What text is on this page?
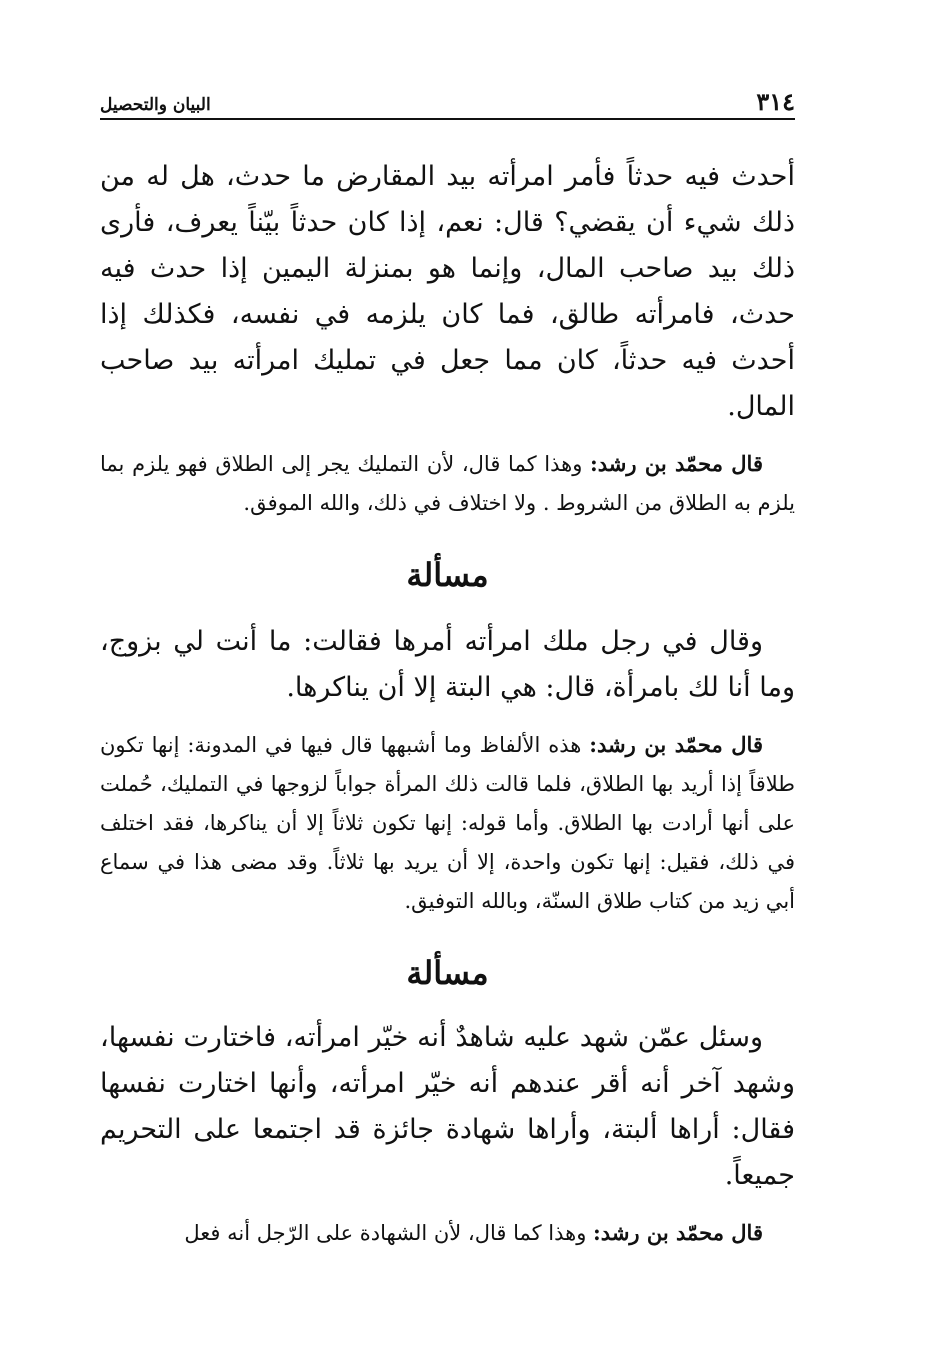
٣١٤
البيان والتحصيل

أحدث فيه حدثاً فأمر امرأته بيد المقارض ما حدث، هل له من ذلك شيء أن يقضي؟ قال: نعم، إذا كان حدثاً بيّناً يعرف، فأرى ذلك بيد صاحب المال، وإنما هو بمنزلة اليمين إذا حدث فيه حدث، فامرأته طالق، فما كان يلزمه في نفسه، فكذلك إذا أحدث فيه حدثاً، كان مما جعل في تمليك امرأته بيد صاحب المال.

قال محمّد بن رشد: وهذا كما قال، لأن التمليك يجر إلى الطلاق فهو يلزم بما يلزم به الطلاق من الشروط . ولا اختلاف في ذلك، والله الموفق.

مسألة

وقال في رجل ملك امرأته أمرها فقالت: ما أنت لي بزوج، وما أنا لك بامرأة، قال: هي البتة إلا أن يناكرها.

قال محمّد بن رشد: هذه الألفاظ وما أشبهها قال فيها في المدونة: إنها تكون طلاقاً إذا أريد بها الطلاق، فلما قالت ذلك المرأة جواباً لزوجها في التمليك، حُملت على أنها أرادت بها الطلاق. وأما قوله: إنها تكون ثلاثاً إلا أن يناكرها، فقد اختلف في ذلك، فقيل: إنها تكون واحدة، إلا أن يريد بها ثلاثاً. وقد مضى هذا في سماع أبي زيد من كتاب طلاق السنّة، وبالله التوفيق.

مسألة

وسئل عمّن شهد عليه شاهدٌ أنه خيّر امرأته، فاختارت نفسها، وشهد آخر أنه أقر عندهم أنه خيّر امرأته، وأنها اختارت نفسها فقال: أراها ألبتة، وأراها شهادة جائزة قد اجتمعا على التحريم جميعاً.

قال محمّد بن رشد: وهذا كما قال، لأن الشهادة على الرّجل أنه فعل
